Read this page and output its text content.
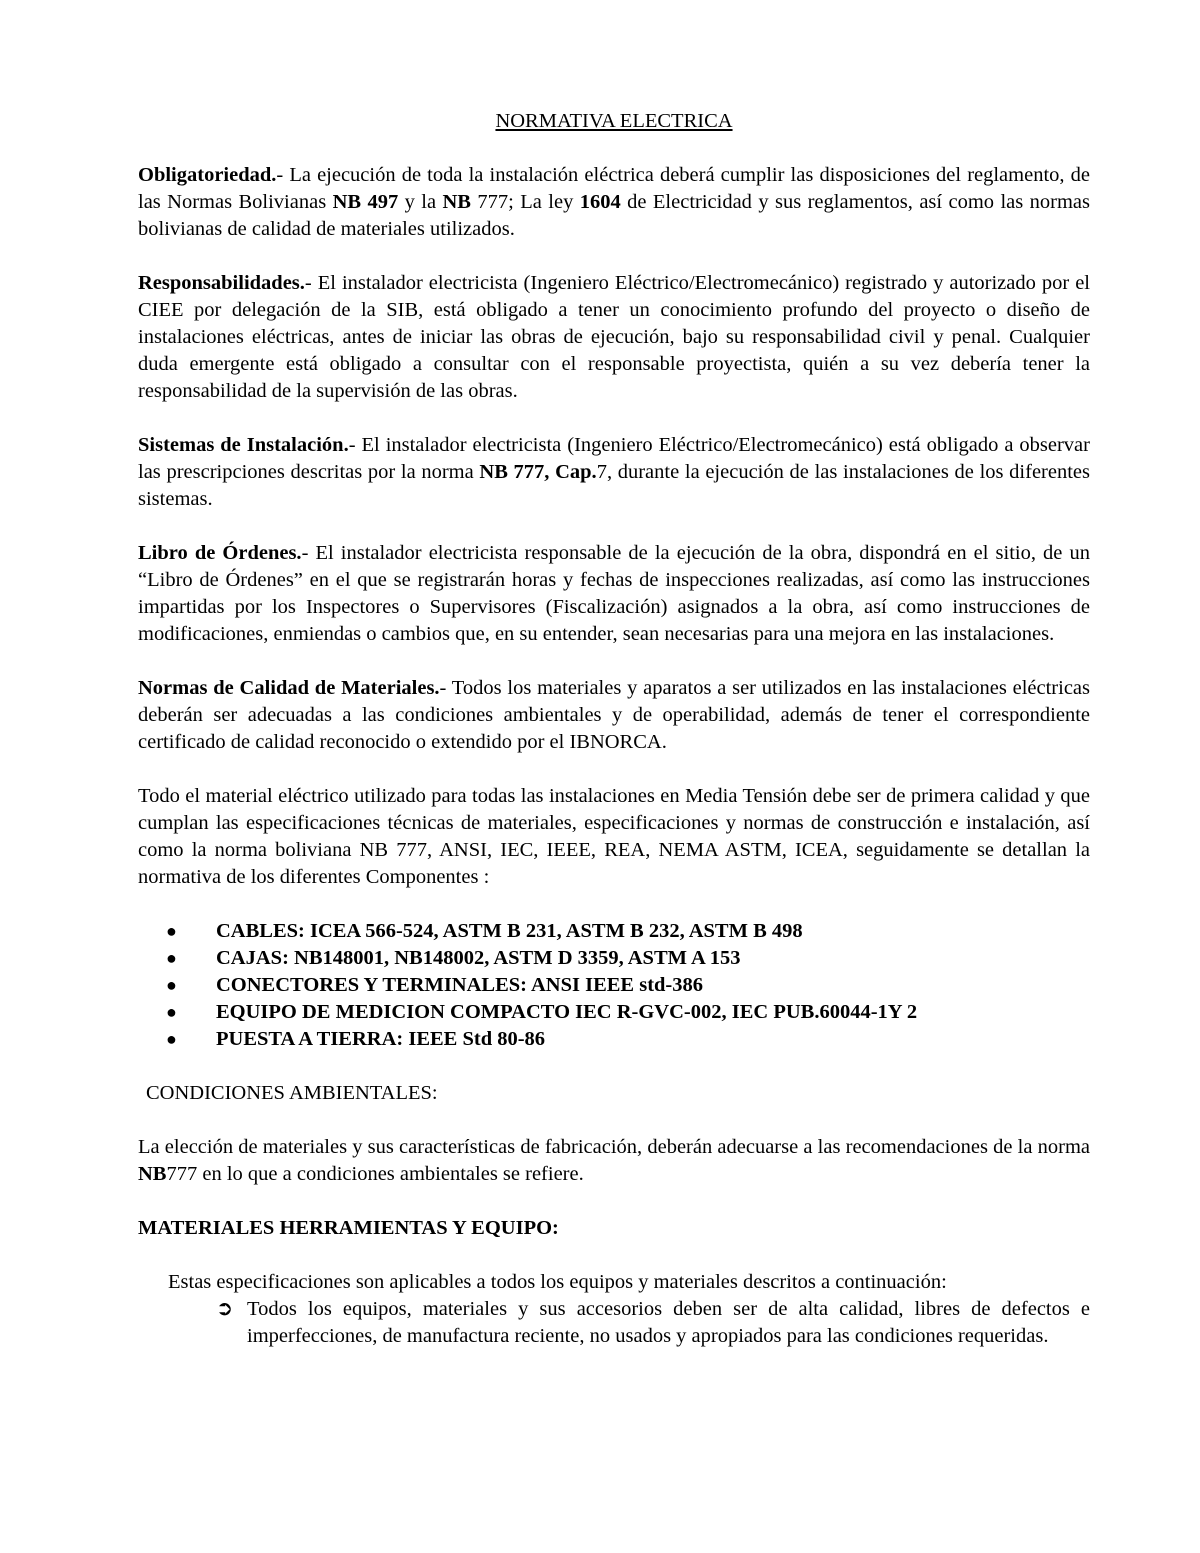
NORMATIVA ELECTRICA

Obligatoriedad.- La ejecución de toda la instalación eléctrica deberá cumplir las disposiciones del reglamento, de las Normas Bolivianas NB 497 y la NB 777; La ley 1604 de Electricidad y sus reglamentos, así como las normas bolivianas de calidad de materiales utilizados.

Responsabilidades.- El instalador electricista (Ingeniero Eléctrico/Electromecánico) registrado y autorizado por el CIEE por delegación de la SIB, está obligado a tener un conocimiento profundo del proyecto o diseño de instalaciones eléctricas, antes de iniciar las obras de ejecución, bajo su responsabilidad civil y penal. Cualquier duda emergente está obligado a consultar con el responsable proyectista, quién a su vez debería tener la responsabilidad de la supervisión de las obras.

Sistemas de Instalación.- El instalador electricista (Ingeniero Eléctrico/Electromecánico) está obligado a observar las prescripciones descritas por la norma NB 777, Cap.7, durante la ejecución de las instalaciones de los diferentes sistemas.

Libro de Órdenes.- El instalador electricista responsable de la ejecución de la obra, dispondrá en el sitio, de un “Libro de Órdenes” en el que se registrarán horas y fechas de inspecciones realizadas, así como las instrucciones impartidas por los Inspectores o Supervisores (Fiscalización) asignados a la obra, así como instrucciones de modificaciones, enmiendas o cambios que, en su entender, sean necesarias para una mejora en las instalaciones.

Normas de Calidad de Materiales.- Todos los materiales y aparatos a ser utilizados en las instalaciones eléctricas deberán ser adecuadas a las condiciones ambientales y de operabilidad, además de tener el correspondiente certificado de calidad reconocido o extendido por el IBNORCA.

Todo el material eléctrico utilizado para todas las instalaciones en Media Tensión debe ser de primera calidad y que cumplan las especificaciones técnicas de materiales, especificaciones y normas de construcción e instalación, así como la norma boliviana NB 777, ANSI, IEC, IEEE, REA, NEMA ASTM, ICEA, seguidamente se detallan la normativa de los diferentes Componentes :

● CABLES: ICEA 566-524, ASTM B 231, ASTM B 232, ASTM B 498
● CAJAS: NB148001, NB148002, ASTM D 3359, ASTM A 153
● CONECTORES Y TERMINALES: ANSI IEEE std-386
● EQUIPO DE MEDICION COMPACTO IEC R-GVC-002, IEC PUB.60044-1Y 2
● PUESTA A TIERRA: IEEE Std 80-86
CONDICIONES AMBIENTALES:

La elección de materiales y sus características de fabricación, deberán adecuarse a las recomendaciones de la norma NB777 en lo que a condiciones ambientales se refiere.

MATERIALES HERRAMIENTAS Y EQUIPO:

Estas especificaciones son aplicables a todos los equipos y materiales descritos a continuación:

➲ Todos los equipos, materiales y sus accesorios deben ser de alta calidad, libres de defectos e imperfecciones, de manufactura reciente, no usados y apropiados para las condiciones requeridas.
